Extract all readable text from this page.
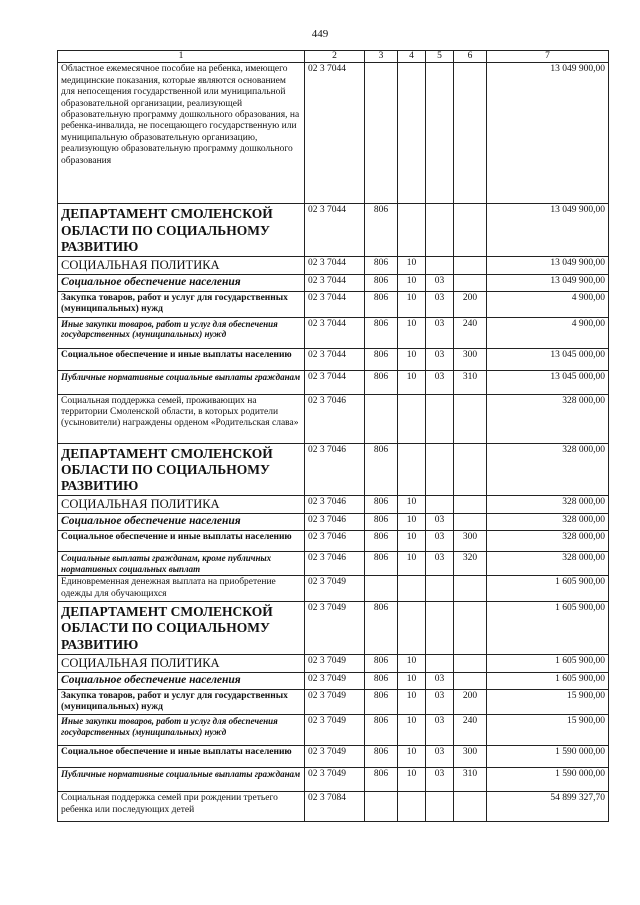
449
1	2	3	4	5	6	7
Областное ежемесячное пособие на ребенка, имеющего медицинские показания, которые являются основанием для непосещения государственной или муниципальной образовательной организации, реализующей образовательную программу дошкольного образования, на ребенка-инвалида, не посещающего государственную или муниципальную образовательную организацию, реализующую образовательную программу дошкольного образования	02 3 7044					13 049 900,00
ДЕПАРТАМЕНТ СМОЛЕНСКОЙ ОБЛАСТИ ПО СОЦИАЛЬНОМУ РАЗВИТИЮ	02 3 7044	806				13 049 900,00
СОЦИАЛЬНАЯ ПОЛИТИКА	02 3 7044	806	10			13 049 900,00
Социальное обеспечение населения	02 3 7044	806	10	03		13 049 900,00
Закупка товаров, работ и услуг для государственных (муниципальных) нужд	02 3 7044	806	10	03	200	4 900,00
Иные закупки товаров, работ и услуг для обеспечения государственных (муниципальных) нужд	02 3 7044	806	10	03	240	4 900,00
Социальное обеспечение и иные выплаты населению	02 3 7044	806	10	03	300	13 045 000,00
Публичные нормативные социальные выплаты гражданам	02 3 7044	806	10	03	310	13 045 000,00
Социальная поддержка семей, проживающих на территории Смоленской области, в которых родители (усыновители) награждены орденом «Родительская слава»	02 3 7046					328 000,00
ДЕПАРТАМЕНТ СМОЛЕНСКОЙ ОБЛАСТИ ПО СОЦИАЛЬНОМУ РАЗВИТИЮ	02 3 7046	806				328 000,00
СОЦИАЛЬНАЯ ПОЛИТИКА	02 3 7046	806	10			328 000,00
Социальное обеспечение населения	02 3 7046	806	10	03		328 000,00
Социальное обеспечение и иные выплаты населению	02 3 7046	806	10	03	300	328 000,00
Социальные выплаты гражданам, кроме публичных нормативных социальных выплат	02 3 7046	806	10	03	320	328 000,00
Единовременная денежная выплата на приобретение одежды для обучающихся	02 3 7049					1 605 900,00
ДЕПАРТАМЕНТ СМОЛЕНСКОЙ ОБЛАСТИ ПО СОЦИАЛЬНОМУ РАЗВИТИЮ	02 3 7049	806				1 605 900,00
СОЦИАЛЬНАЯ ПОЛИТИКА	02 3 7049	806	10			1 605 900,00
Социальное обеспечение населения	02 3 7049	806	10	03		1 605 900,00
Закупка товаров, работ и услуг для государственных (муниципальных) нужд	02 3 7049	806	10	03	200	15 900,00
Иные закупки товаров, работ и услуг для обеспечения государственных (муниципальных) нужд	02 3 7049	806	10	03	240	15 900,00
Социальное обеспечение и иные выплаты населению	02 3 7049	806	10	03	300	1 590 000,00
Публичные нормативные социальные выплаты гражданам	02 3 7049	806	10	03	310	1 590 000,00
Социальная поддержка семей при рождении третьего ребенка или последующих детей	02 3 7084					54 899 327,70
